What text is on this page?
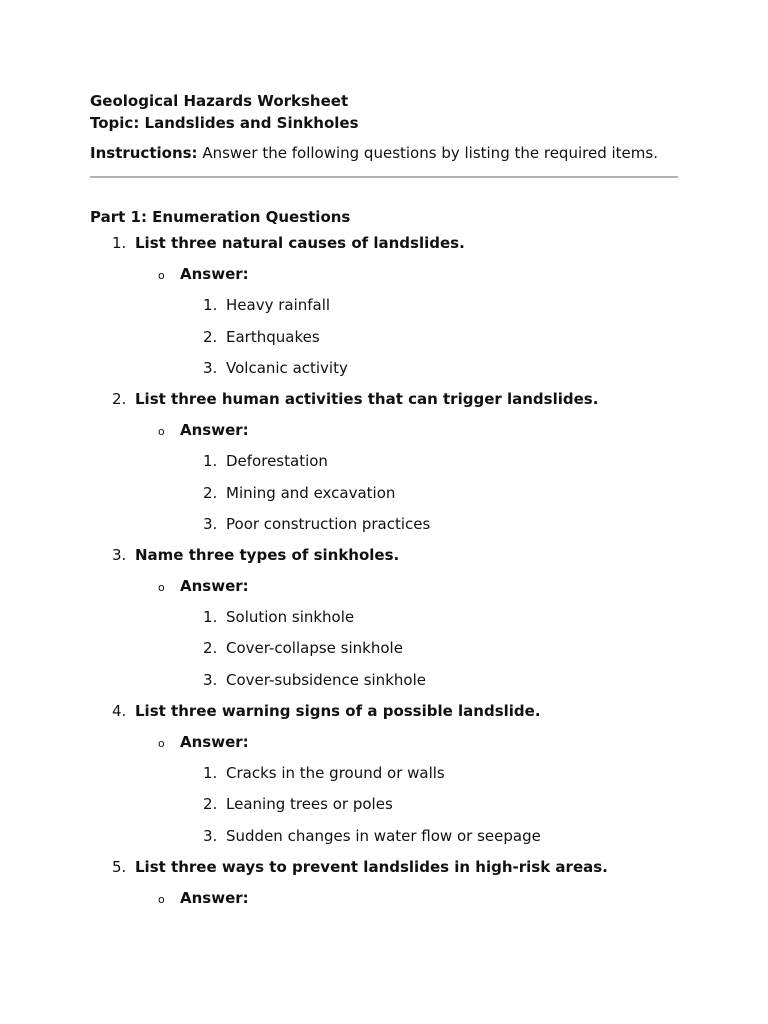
Geological Hazards Worksheet

Topic: Landslides and Sinkholes

Instructions: Answer the following questions by listing the required items.
Part 1: Enumeration Questions
1. List three natural causes of landslides.
o Answer:
1. Heavy rainfall
2. Earthquakes
3. Volcanic activity
2. List three human activities that can trigger landslides.
o Answer:
1. Deforestation
2. Mining and excavation
3. Poor construction practices
3. Name three types of sinkholes.
o Answer:
1. Solution sinkhole
2. Cover-collapse sinkhole
3. Cover-subsidence sinkhole
4. List three warning signs of a possible landslide.
o Answer:
1. Cracks in the ground or walls
2. Leaning trees or poles
3. Sudden changes in water flow or seepage
5. List three ways to prevent landslides in high-risk areas.
o Answer:
